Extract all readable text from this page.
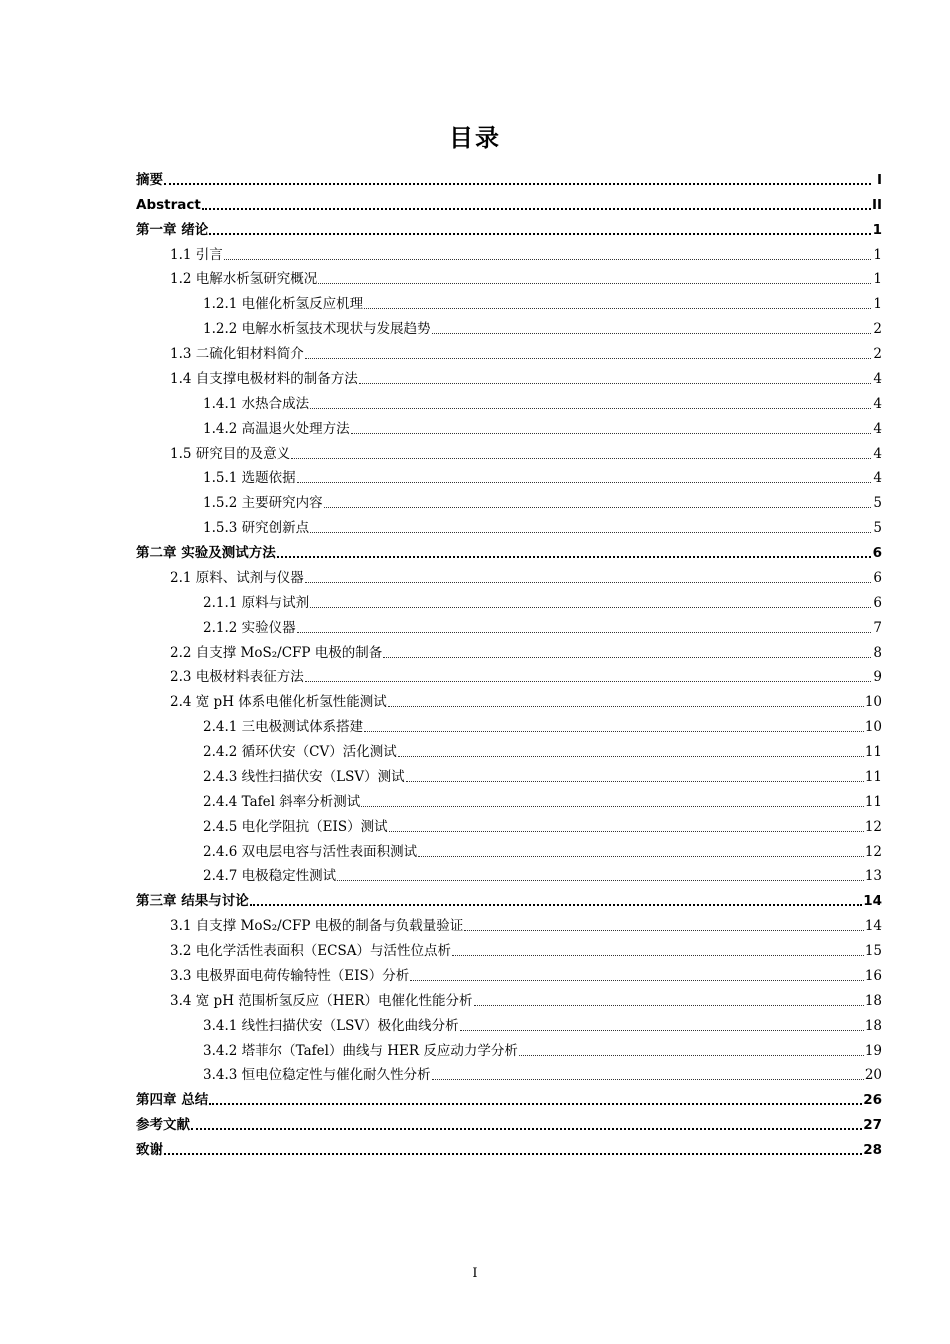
目录
摘要	I
Abstract	II
第一章 绪论	1
1.1 引言	1
1.2 电解水析氢研究概况	1
1.2.1 电催化析氢反应机理	1
1.2.2 电解水析氢技术现状与发展趋势	2
1.3 二硫化钼材料简介	2
1.4 自支撑电极材料的制备方法	4
1.4.1 水热合成法	4
1.4.2 高温退火处理方法	4
1.5 研究目的及意义	4
1.5.1 选题依据	4
1.5.2 主要研究内容	5
1.5.3 研究创新点	5
第二章 实验及测试方法	6
2.1 原料、试剂与仪器	6
2.1.1 原料与试剂	6
2.1.2 实验仪器	7
2.2 自支撑 MoS₂/CFP 电极的制备	8
2.3 电极材料表征方法	9
2.4 宽 pH 体系电催化析氢性能测试	10
2.4.1 三电极测试体系搭建	10
2.4.2 循环伏安（CV）活化测试	11
2.4.3 线性扫描伏安（LSV）测试	11
2.4.4 Tafel 斜率分析测试	11
2.4.5 电化学阻抗（EIS）测试	12
2.4.6 双电层电容与活性表面积测试	12
2.4.7 电极稳定性测试	13
第三章 结果与讨论	14
3.1 自支撑 MoS₂/CFP 电极的制备与负载量验证	14
3.2 电化学活性表面积（ECSA）与活性位点析	15
3.3 电极界面电荷传输特性（EIS）分析	16
3.4 宽 pH 范围析氢反应（HER）电催化性能分析	18
3.4.1 线性扫描伏安（LSV）极化曲线分析	18
3.4.2 塔菲尔（Tafel）曲线与 HER 反应动力学分析	19
3.4.3 恒电位稳定性与催化耐久性分析	20
第四章 总结	26
参考文献	27
致谢	28
I
